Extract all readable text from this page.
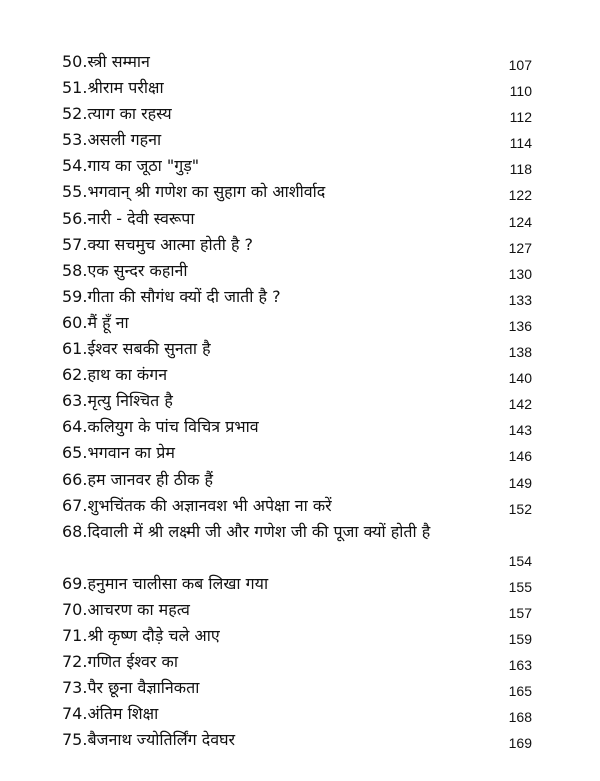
50.स्त्री सम्मान	107
51.श्रीराम परीक्षा	110
52.त्याग का रहस्य	112
53.असली गहना	114
54.गाय का जूठा "गुड़"	118
55.भगवान् श्री गणेश का सुहाग को आशीर्वाद	122
56.नारी - देवी स्वरूपा	124
57.क्या सचमुच आत्मा होती है ?	127
58.एक सुन्दर कहानी	130
59.गीता की सौगंध क्यों दी जाती है ?	133
60.मैं हूँ ना	136
61.ईश्वर सबकी सुनता है	138
62.हाथ का कंगन	140
63.मृत्यु निश्चित है	142
64.कलियुग के पांच विचित्र प्रभाव	143
65.भगवान का प्रेम	146
66.हम जानवर ही ठीक हैं	149
67.शुभचिंतक की अज्ञानवश भी अपेक्षा ना करें	152
68.दिवाली में श्री लक्ष्मी जी और गणेश जी की पूजा क्यों होती है
154
69.हनुमान चालीसा कब लिखा गया	155
70.आचरण का महत्व	157
71.श्री कृष्ण दौड़े चले आए	159
72.गणित ईश्वर का	163
73.पैर छूना वैज्ञानिकता	165
74.अंतिम शिक्षा	168
75.बैजनाथ ज्योतिर्लिंग देवघर	169
